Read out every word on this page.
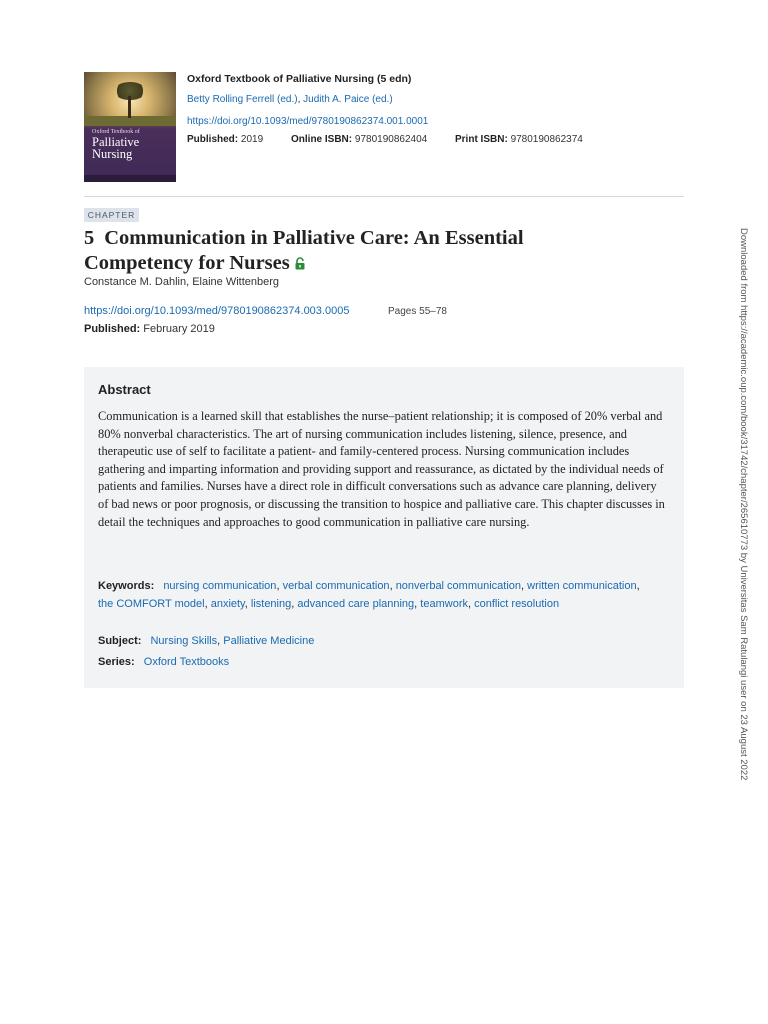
Oxford Textbook of
Palliative
Nursing
Oxford Textbook of Palliative Nursing (5 edn)
Betty Rolling Ferrell (ed.), Judith A. Paice (ed.)
https://doi.org/10.1093/med/9780190862374.001.0001
Published: 2019	Online ISBN: 9780190862404	Print ISBN: 9780190862374
CHAPTER
5 Communication in Palliative Care: An Essential Competency for Nurses
Constance M. Dahlin, Elaine Wittenberg
https://doi.org/10.1093/med/9780190862374.003.0005	Pages 55–78
Published: February 2019
Abstract
Communication is a learned skill that establishes the nurse–patient relationship; it is composed of 20% verbal and 80% nonverbal characteristics. The art of nursing communication includes listening, silence, presence, and therapeutic use of self to facilitate a patient- and family-centered process. Nursing communication includes gathering and imparting information and providing support and reassurance, as dictated by the individual needs of patients and families. Nurses have a direct role in difficult conversations such as advance care planning, delivery of bad news or poor prognosis, or discussing the transition to hospice and palliative care. This chapter discusses in detail the techniques and approaches to good communication in palliative care nursing.
Keywords: nursing communication, verbal communication, nonverbal communication, written communication, the COMFORT model, anxiety, listening, advanced care planning, teamwork, conflict resolution
Subject: Nursing Skills, Palliative Medicine
Series: Oxford Textbooks	Downloaded from https://academic.oup.com/book/31742/chapter/265610773 by Universitas Sam Ratulangi user on 23 August 2022
